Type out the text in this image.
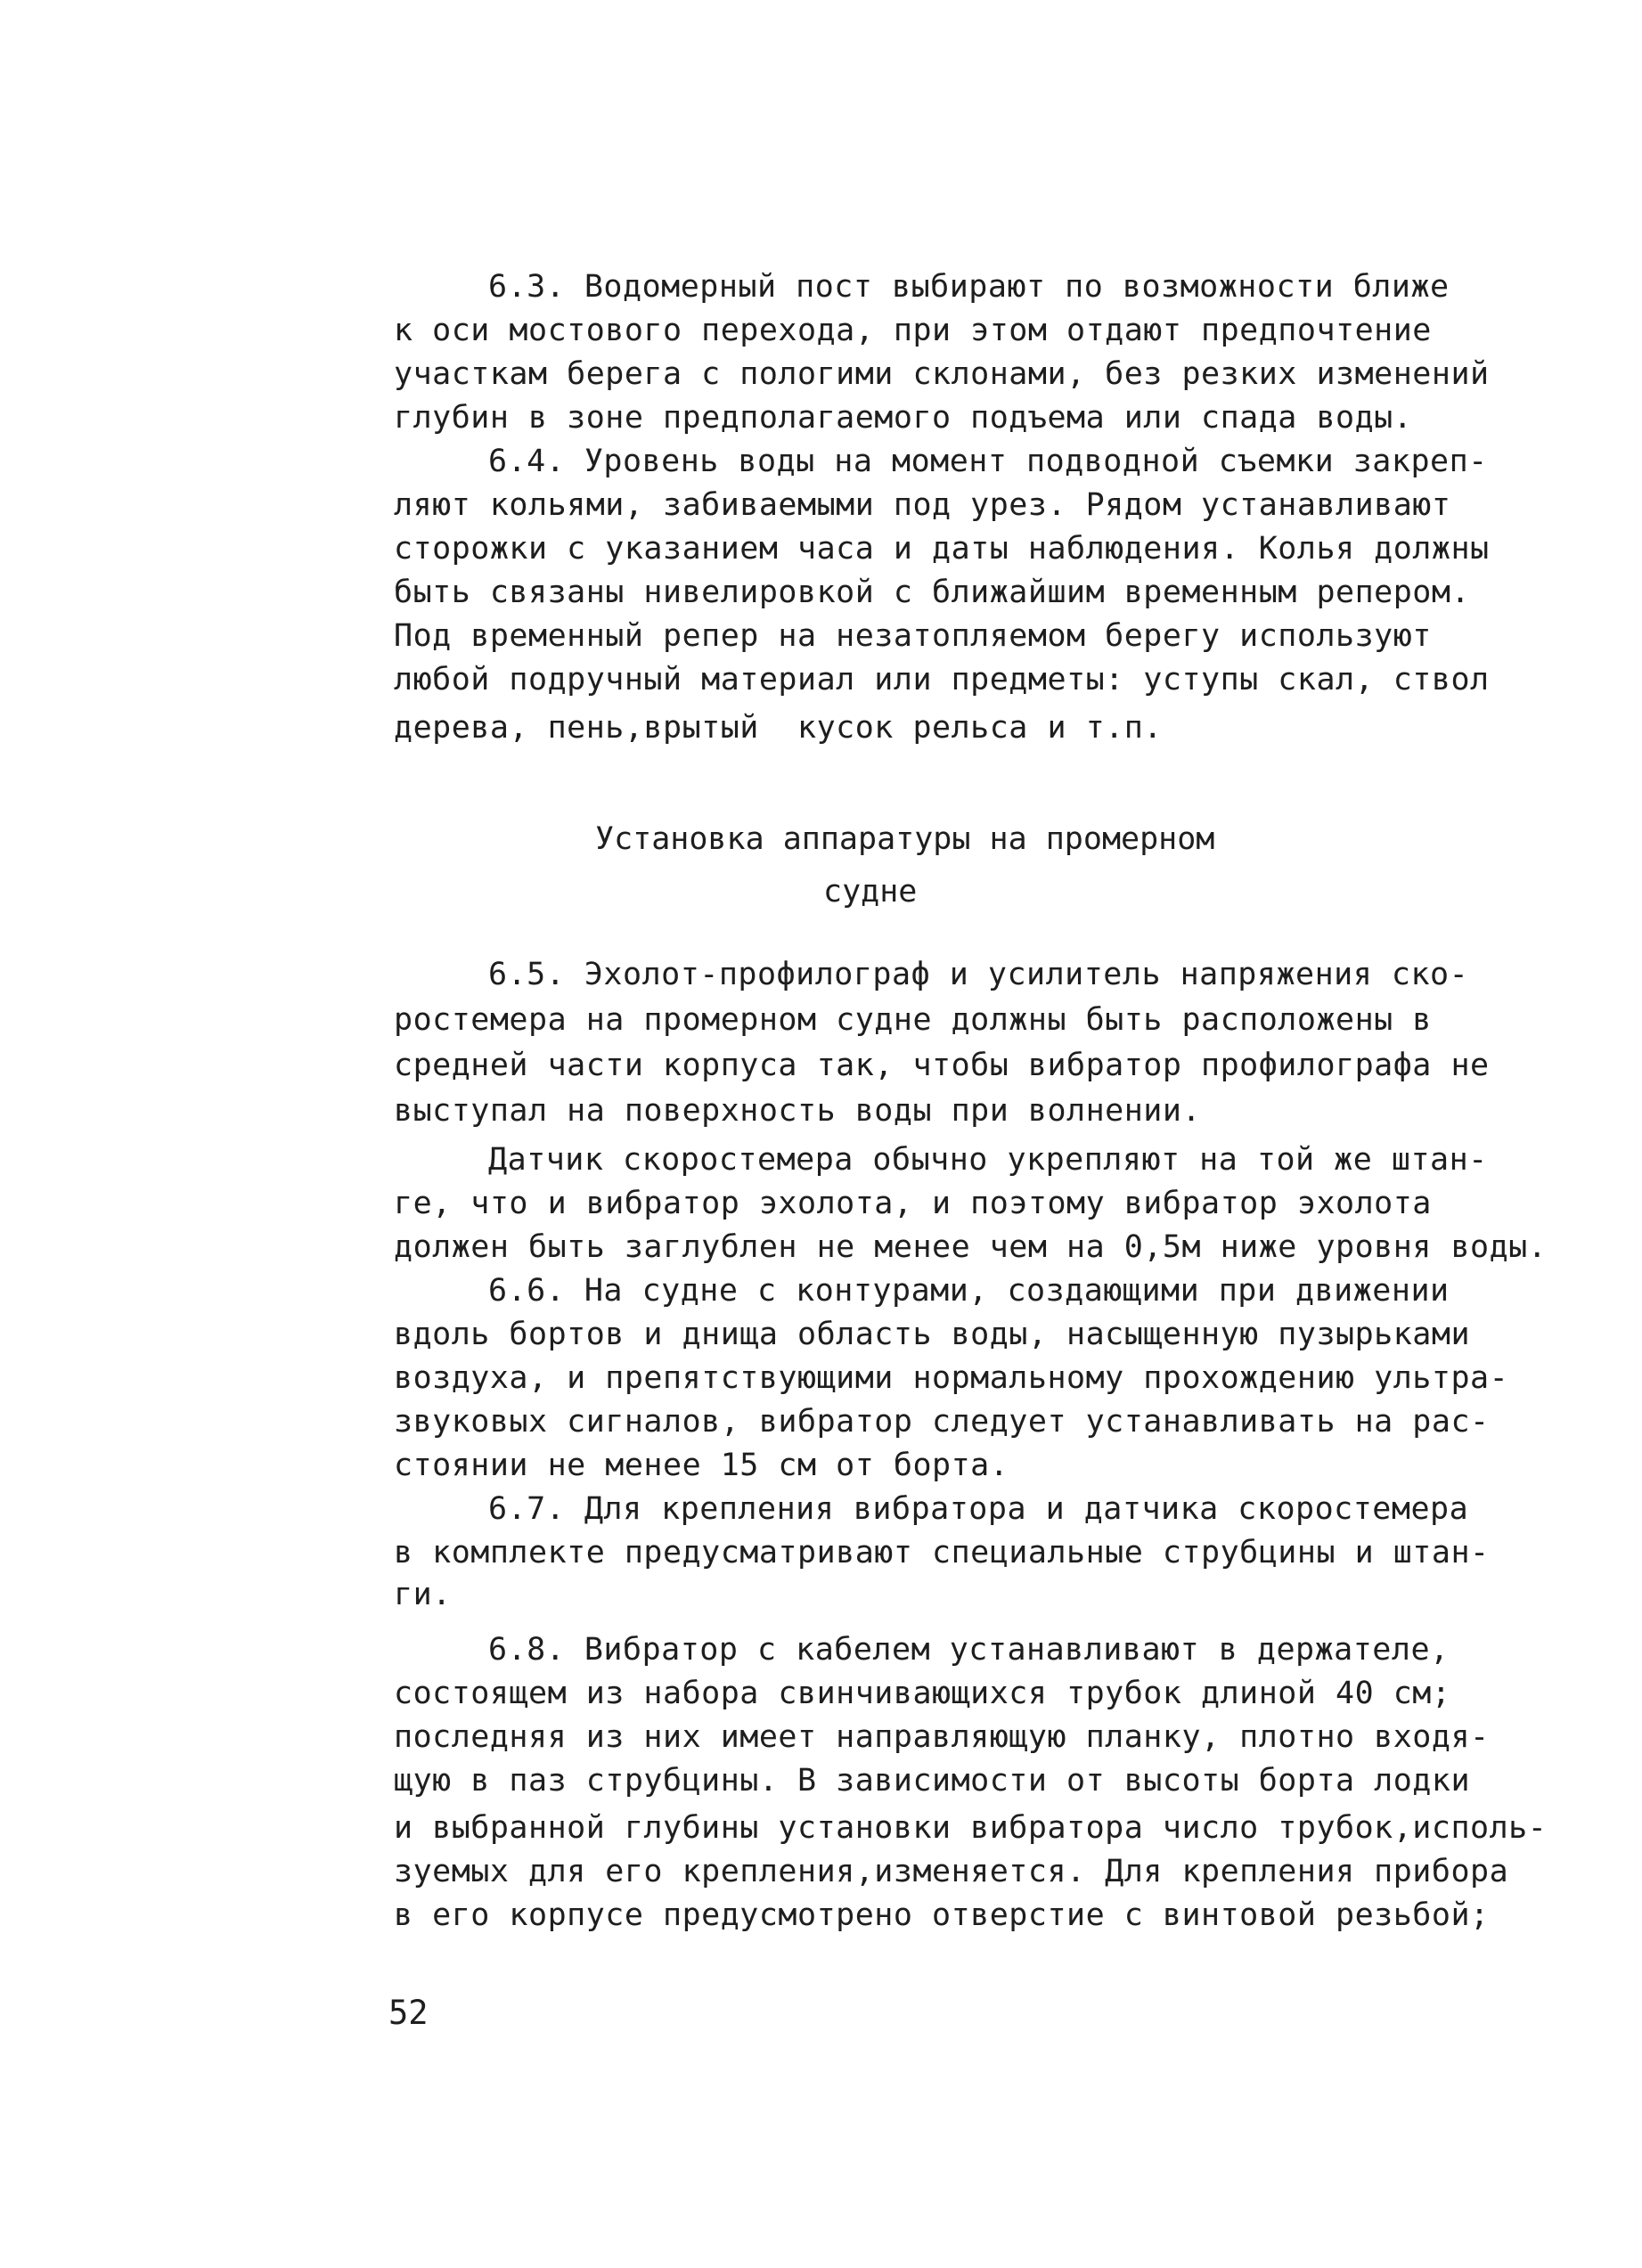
6.3. Водомерный пост выбирают по возможности ближе
к оси мостового перехода, при этом отдают предпочтение
участкам берега с пологими склонами, без резких изменений
глубин в зоне предполагаемого подъема или спада воды.
6.4. Уровень воды на момент подводной съемки закреп-
ляют кольями, забиваемыми под урез. Рядом устанавливают
сторожки с указанием часа и даты наблюдения. Колья должны
быть связаны нивелировкой с ближайшим временным репером.
Под временный репер на незатопляемом берегу используют
любой подручный материал или предметы: уступы скал, ствол
дерева, пень,врытый  кусок рельса и т.п.
Установка аппаратуры на промерном
судне
6.5. Эхолот-профилограф и усилитель напряжения ско-
ростемера на промерном судне должны быть расположены в
средней части корпуса так, чтобы вибратор профилографа не
выступал на поверхность воды при волнении.
Датчик скоростемера обычно укрепляют на той же штан-
ге, что и вибратор эхолота, и поэтому вибратор эхолота
должен быть заглублен не менее чем на 0,5м ниже уровня воды.
6.6. На судне с контурами, создающими при движении
вдоль бортов и днища область воды, насыщенную пузырьками
воздуха, и препятствующими нормальному прохождению ультра-
звуковых сигналов, вибратор следует устанавливать на рас-
стоянии не менее 15 см от борта.
6.7. Для крепления вибратора и датчика скоростемера
в комплекте предусматривают специальные струбцины и штан-
ги.
6.8. Вибратор с кабелем устанавливают в держателе,
состоящем из набора свинчивающихся трубок длиной 40 см;
последняя из них имеет направляющую планку, плотно входя-
щую в паз струбцины. В зависимости от высоты борта лодки
и выбранной глубины установки вибратора число трубок,исполь-
зуемых для его крепления,изменяется. Для крепления прибора
в его корпусе предусмотрено отверстие с винтовой резьбой;
52
